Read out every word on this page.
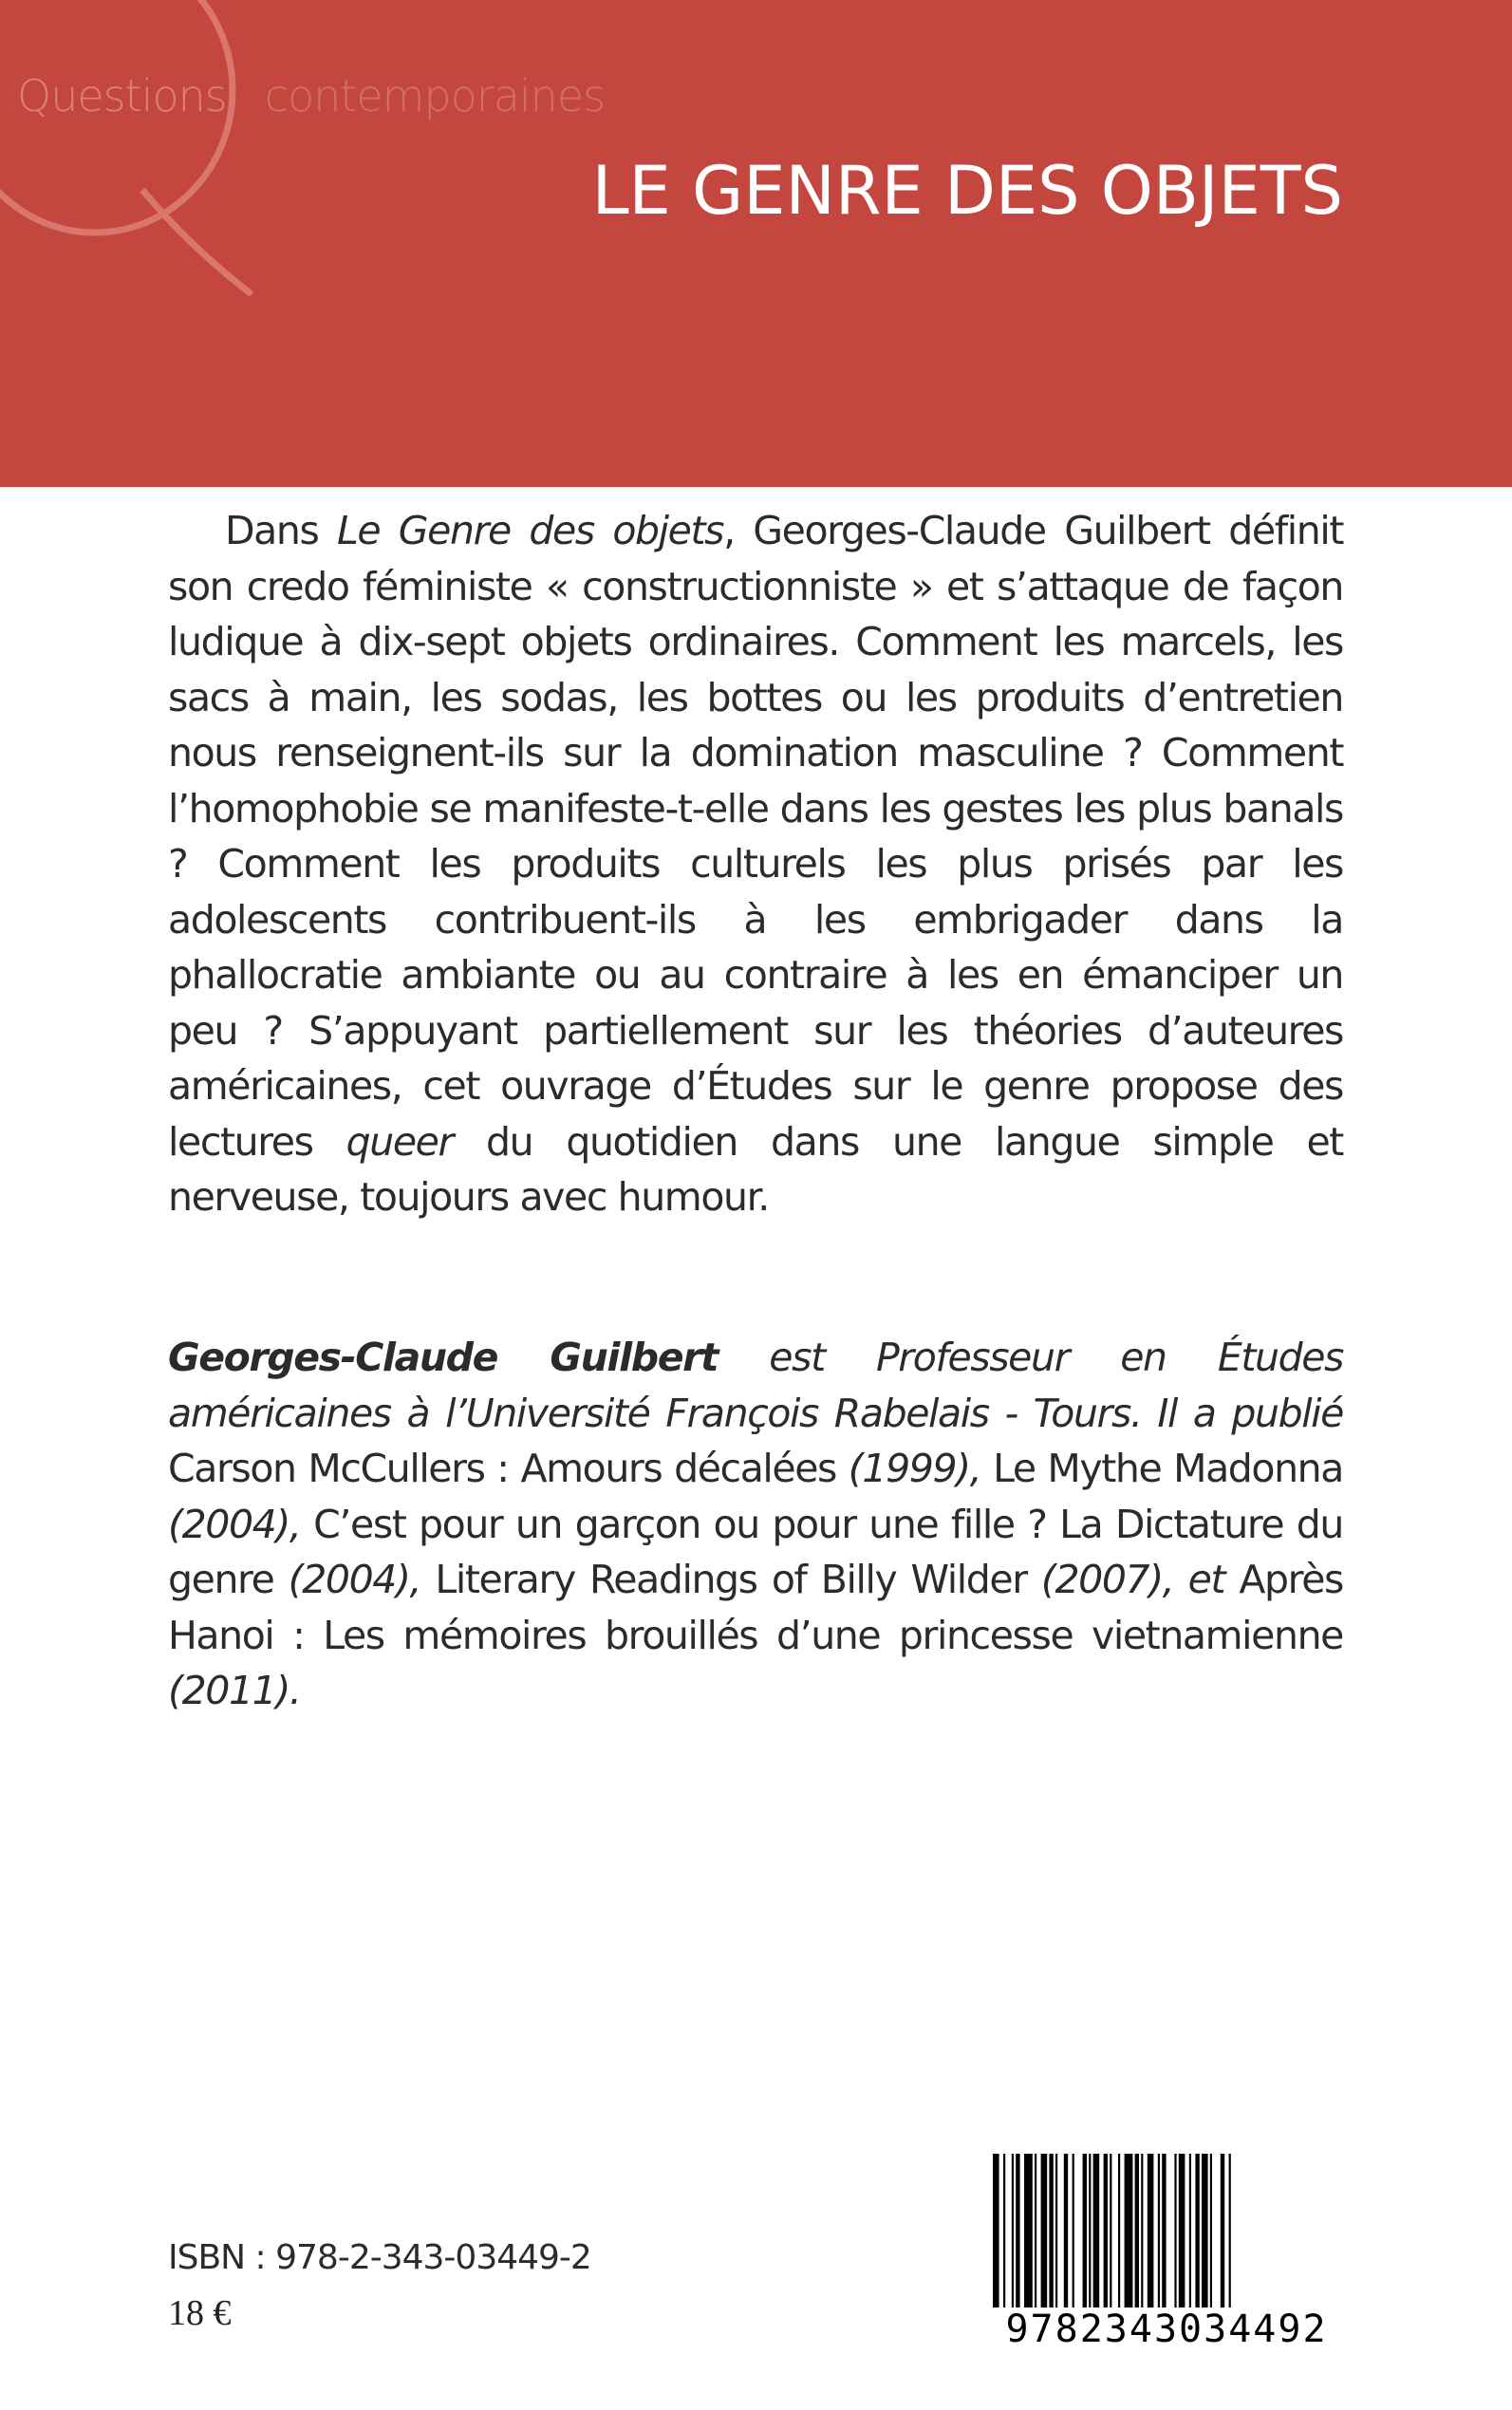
Questions contemporaines
LE GENRE DES OBJETS

Dans Le Genre des objets, Georges-Claude Guilbert définit son credo féministe « constructionniste » et s’attaque de façon ludique à dix-sept objets ordinaires. Comment les marcels, les sacs à main, les sodas, les bottes ou les produits d’entretien nous renseignent-ils sur la domination masculine ? Comment l’homophobie se manifeste-t-elle dans les gestes les plus banals ? Comment les produits culturels les plus prisés par les adolescents contribuent-ils à les embrigader dans la phallocratie ambiante ou au contraire à les en émanciper un peu ? S’appuyant partiellement sur les théories d’auteures américaines, cet ouvrage d’Études sur le genre propose des lectures queer du quotidien dans une langue simple et nerveuse, toujours avec humour.

Georges-Claude Guilbert est Professeur en Études américaines à l’Université François Rabelais - Tours. Il a publié Carson McCullers : Amours décalées (1999), Le Mythe Madonna (2004), C’est pour un garçon ou pour une fille ? La Dictature du genre (2004), Literary Readings of Billy Wilder (2007), et Après Hanoi : Les mémoires brouillés d’une princesse vietnamienne (2011).

ISBN : 978-2-343-03449-2
18 €	9782343034492
